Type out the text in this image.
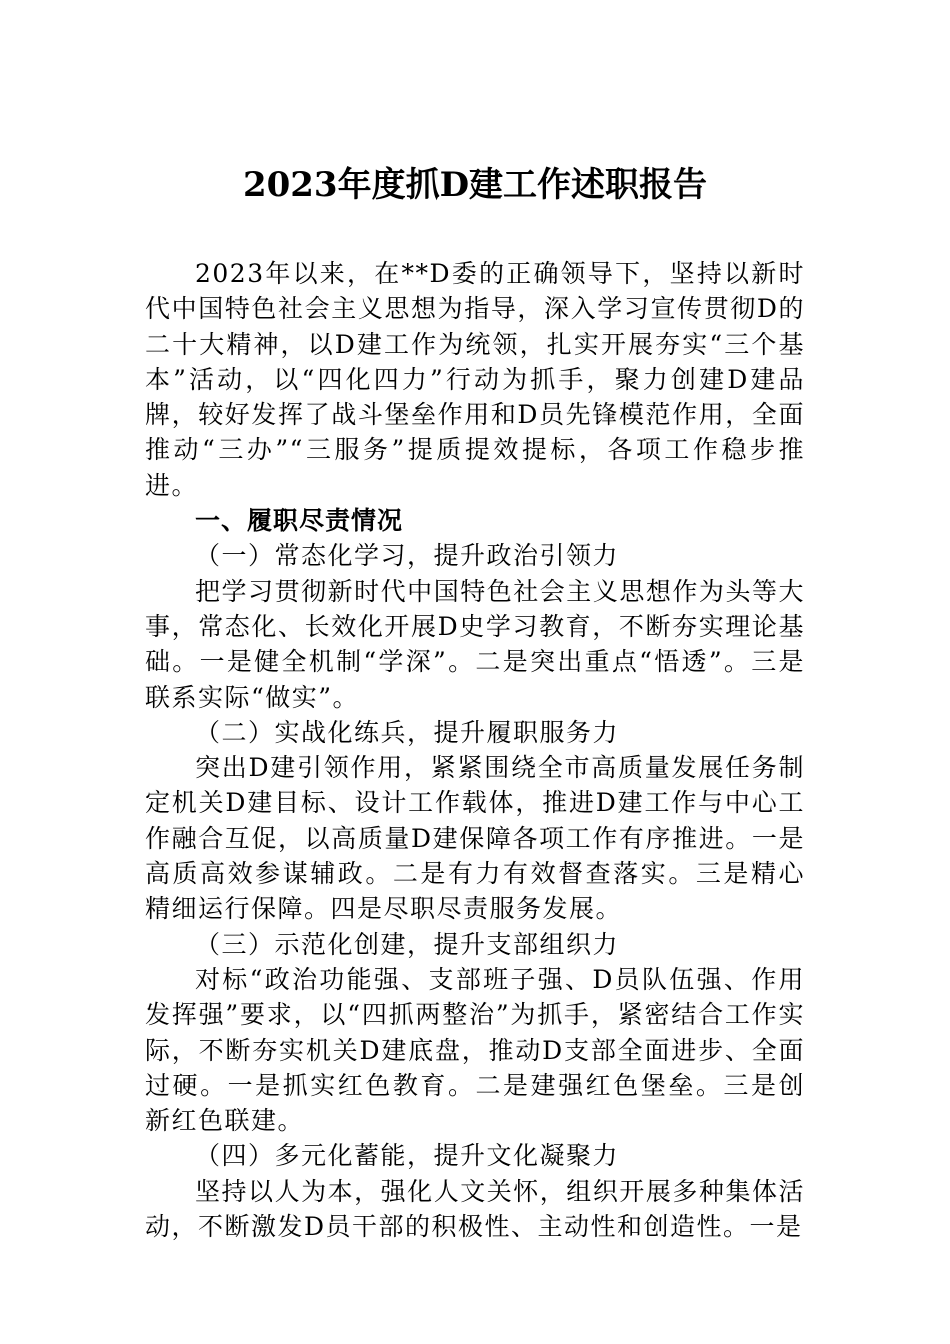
2023年度抓D建工作述职报告

2023年以来，在**D委的正确领导下，坚持以新时代中国特色社会主义思想为指导，深入学习宣传贯彻D的二十大精神，以D建工作为统领，扎实开展夯实“三个基本”活动，以“四化四力”行动为抓手，聚力创建D建品牌，较好发挥了战斗堡垒作用和D员先锋模范作用，全面推动“三办”“三服务”提质提效提标，各项工作稳步推进。

一、履职尽责情况
（一）常态化学习，提升政治引领力

把学习贯彻新时代中国特色社会主义思想作为头等大事，常态化、长效化开展D史学习教育，不断夯实理论基础。一是健全机制“学深”。二是突出重点“悟透”。三是联系实际“做实”。

（二）实战化练兵，提升履职服务力

突出D建引领作用，紧紧围绕全市高质量发展任务制定机关D建目标、设计工作载体，推进D建工作与中心工作融合互促，以高质量D建保障各项工作有序推进。一是高质高效参谋辅政。二是有力有效督查落实。三是精心精细运行保障。四是尽职尽责服务发展。

（三）示范化创建，提升支部组织力

对标“政治功能强、支部班子强、D员队伍强、作用发挥强”要求，以“四抓两整治”为抓手，紧密结合工作实际，不断夯实机关D建底盘，推动D支部全面进步、全面过硬。一是抓实红色教育。二是建强红色堡垒。三是创新红色联建。

（四）多元化蓄能，提升文化凝聚力

坚持以人为本，强化人文关怀，组织开展多种集体活动，不断激发D员干部的积极性、主动性和创造性。一是
